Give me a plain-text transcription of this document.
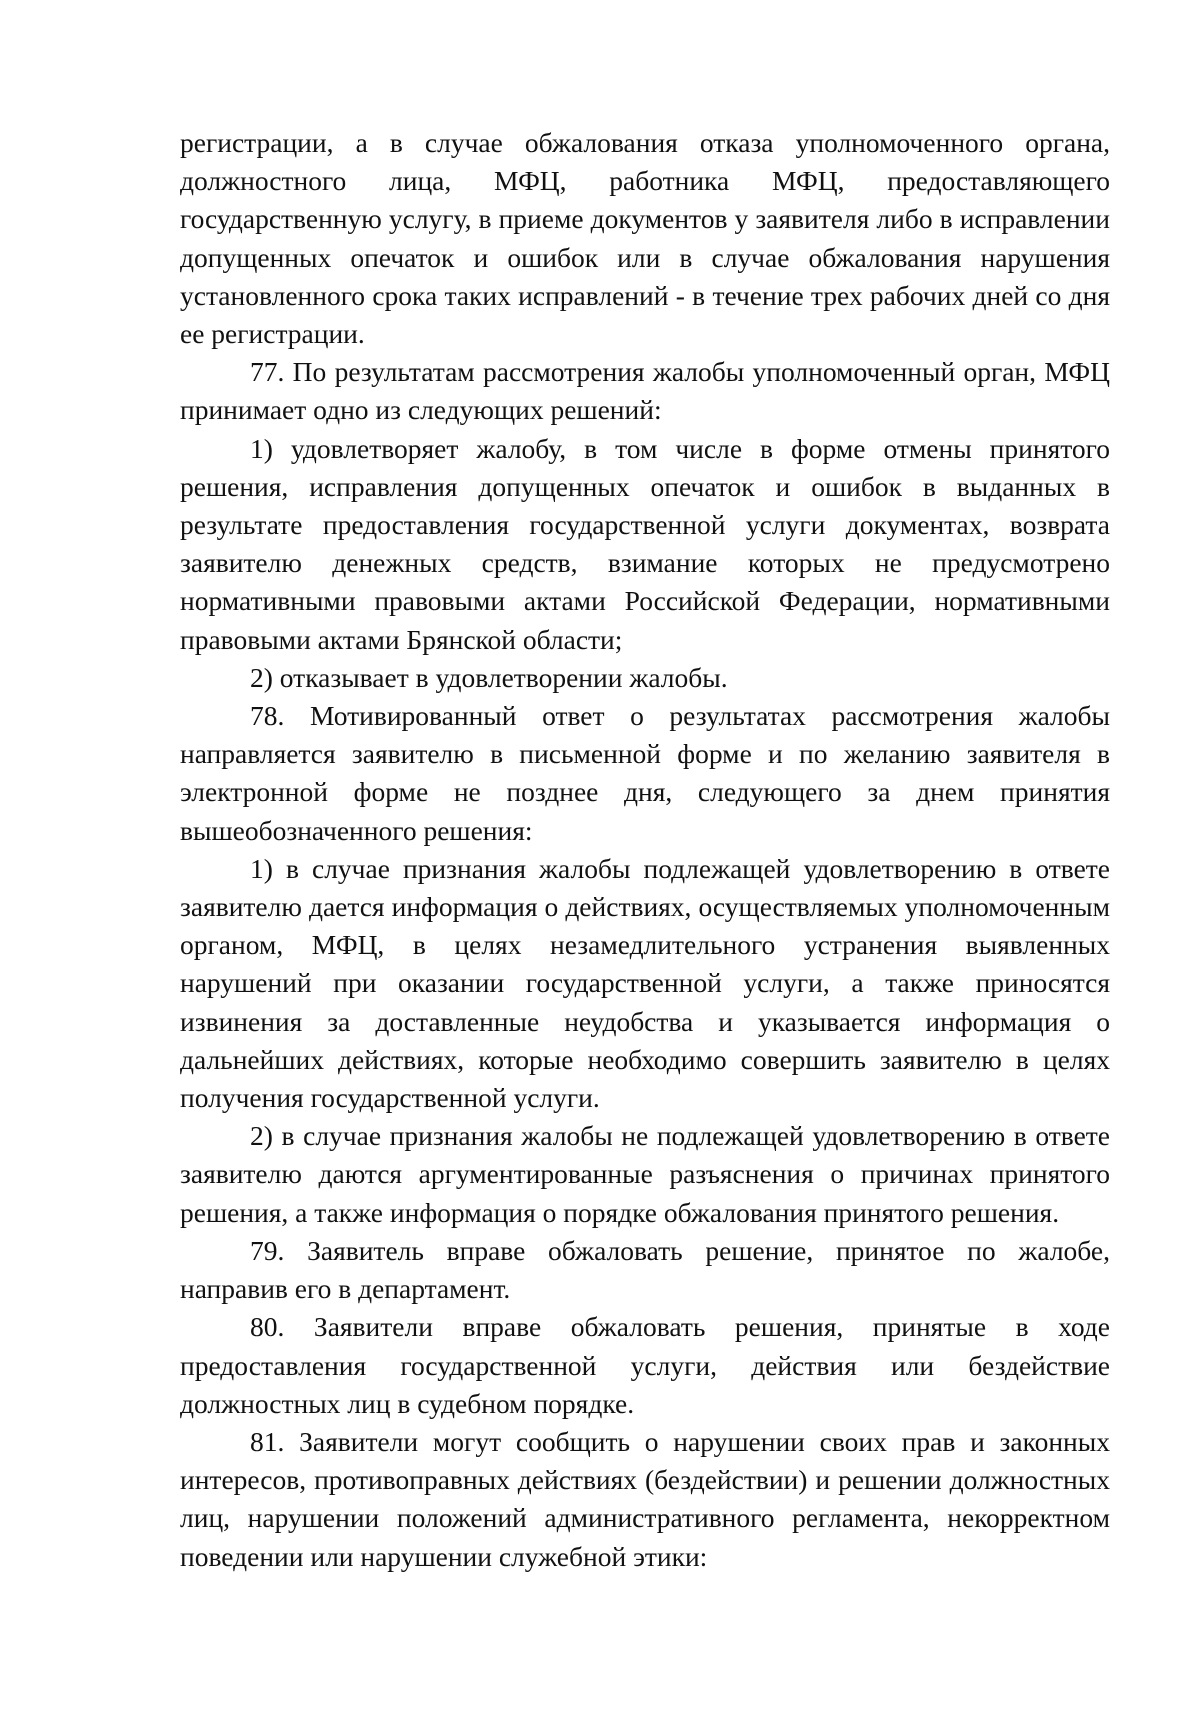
регистрации, а в случае обжалования отказа уполномоченного органа, должностного лица, МФЦ, работника МФЦ, предоставляющего государственную услугу, в приеме документов у заявителя либо в исправлении допущенных опечаток и ошибок или в случае обжалования нарушения установленного срока таких исправлений - в течение трех рабочих дней со дня ее регистрации.

77. По результатам рассмотрения жалобы уполномоченный орган, МФЦ принимает одно из следующих решений:

1) удовлетворяет жалобу, в том числе в форме отмены принятого решения, исправления допущенных опечаток и ошибок в выданных в результате предоставления государственной услуги документах, возврата заявителю денежных средств, взимание которых не предусмотрено нормативными правовыми актами Российской Федерации, нормативными правовыми актами Брянской области;

2) отказывает в удовлетворении жалобы.

78. Мотивированный ответ о результатах рассмотрения жалобы направляется заявителю в письменной форме и по желанию заявителя в электронной форме не позднее дня, следующего за днем принятия вышеобозначенного решения:

1) в случае признания жалобы подлежащей удовлетворению в ответе заявителю дается информация о действиях, осуществляемых уполномоченным органом, МФЦ, в целях незамедлительного устранения выявленных нарушений при оказании государственной услуги, а также приносятся извинения за доставленные неудобства и указывается информация о дальнейших действиях, которые необходимо совершить заявителю в целях получения государственной услуги.

2) в случае признания жалобы не подлежащей удовлетворению в ответе заявителю даются аргументированные разъяснения о причинах принятого решения, а также информация о порядке обжалования принятого решения.

79. Заявитель вправе обжаловать решение, принятое по жалобе, направив его в департамент.

80. Заявители вправе обжаловать решения, принятые в ходе предоставления государственной услуги, действия или бездействие должностных лиц в судебном порядке.

81. Заявители могут сообщить о нарушении своих прав и законных интересов, противоправных действиях (бездействии) и решении должностных лиц, нарушении положений административного регламента, некорректном поведении или нарушении служебной этики:
